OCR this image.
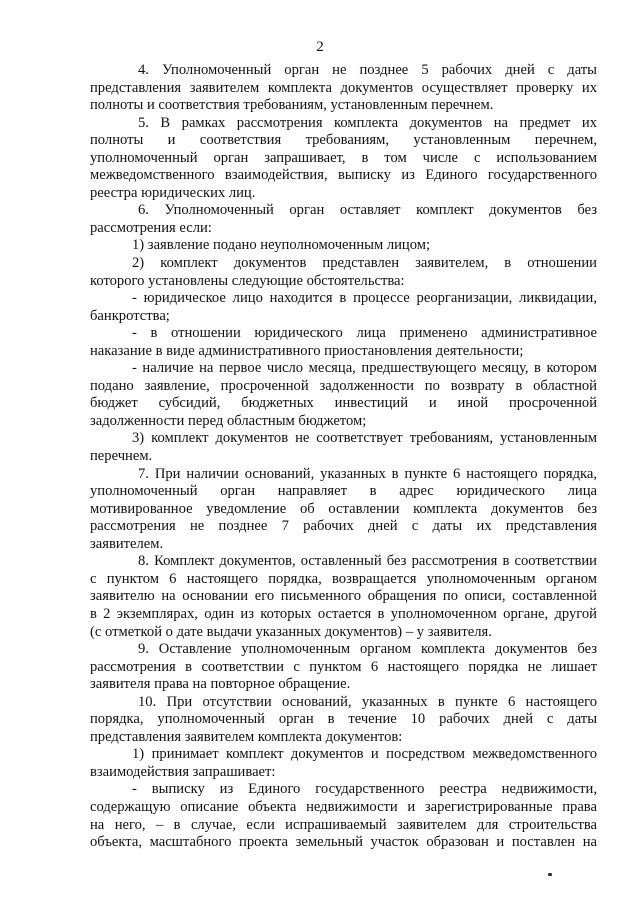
2
4. Уполномоченный орган не позднее 5 рабочих дней с даты
представления заявителем комплекта документов осуществляет проверку их
полноты и соответствия требованиям, установленным перечнем.
5. В рамках рассмотрения комплекта документов на предмет их
полноты и соответствия требованиям, установленным перечнем,
уполномоченный орган запрашивает, в том числе с использованием
межведомственного взаимодействия, выписку из Единого государственного
реестра юридических лиц.
6. Уполномоченный орган оставляет комплект документов без
рассмотрения если:
1) заявление подано неуполномоченным лицом;
2) комплект документов представлен заявителем, в отношении
которого установлены следующие обстоятельства:
- юридическое лицо находится в процессе реорганизации, ликвидации,
банкротства;
- в отношении юридического лица применено административное
наказание в виде административного приостановления деятельности;
- наличие на первое число месяца, предшествующего месяцу, в котором
подано заявление, просроченной задолженности по возврату в областной
бюджет субсидий, бюджетных инвестиций и иной просроченной
задолженности перед областным бюджетом;
3) комплект документов не соответствует требованиям, установленным
перечнем.
7. При наличии оснований, указанных в пункте 6 настоящего порядка,
уполномоченный орган направляет в адрес юридического лица
мотивированное уведомление об оставлении комплекта документов без
рассмотрения не позднее 7 рабочих дней с даты их представления
заявителем.
8. Комплект документов, оставленный без рассмотрения в соответствии
с пунктом 6 настоящего порядка, возвращается уполномоченным органом
заявителю на основании его письменного обращения по описи, составленной
в 2 экземплярах, один из которых остается в уполномоченном органе, другой
(с отметкой о дате выдачи указанных документов) – у заявителя.
9. Оставление уполномоченным органом комплекта документов без
рассмотрения в соответствии с пунктом 6 настоящего порядка не лишает
заявителя права на повторное обращение.
10. При отсутствии оснований, указанных в пункте 6 настоящего
порядка, уполномоченный орган в течение 10 рабочих дней с даты
представления заявителем комплекта документов:
1) принимает комплект документов и посредством межведомственного
взаимодействия запрашивает:
- выписку из Единого государственного реестра недвижимости,
содержащую описание объекта недвижимости и зарегистрированные права
на него, – в случае, если испрашиваемый заявителем для строительства
объекта, масштабного проекта земельный участок образован и поставлен на
